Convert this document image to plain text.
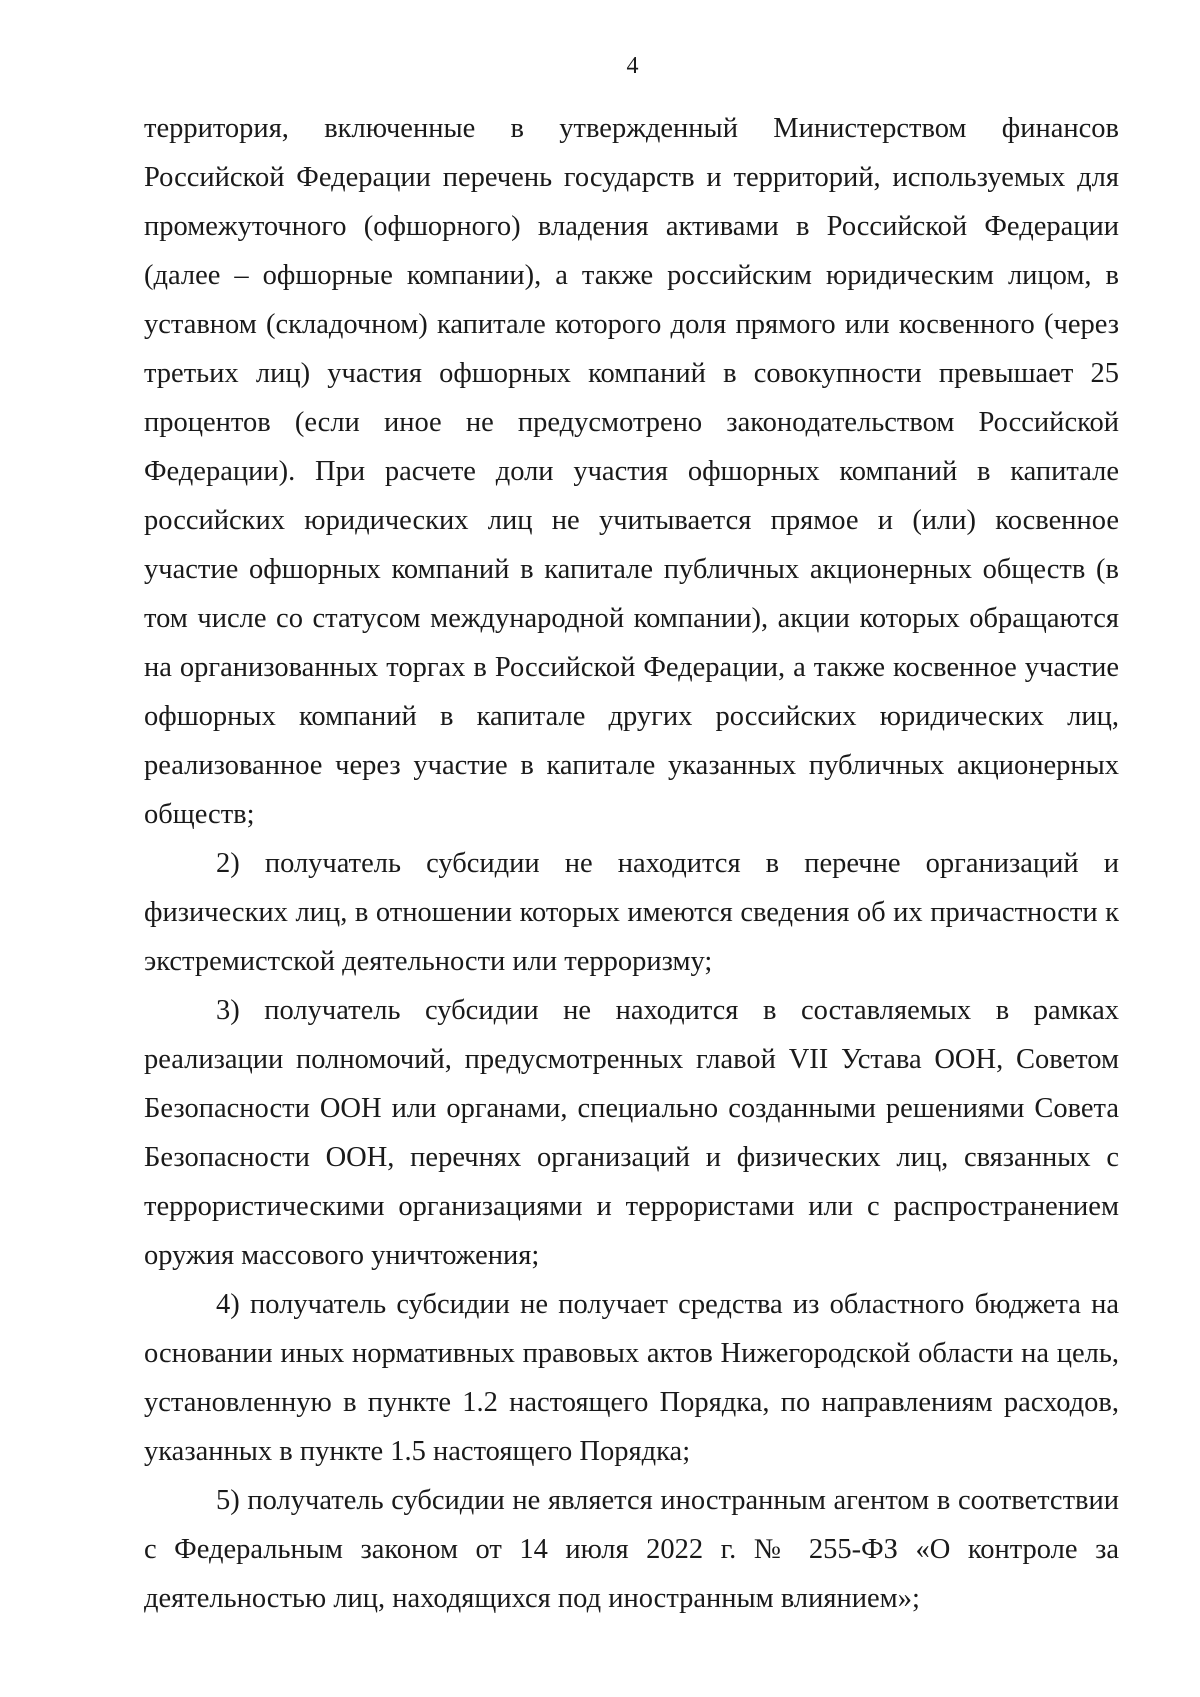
4

территория, включенные в утвержденный Министерством финансов Российской Федерации перечень государств и территорий, используемых для промежуточного (офшорного) владения активами в Российской Федерации (далее – офшорные компании), а также российским юридическим лицом, в уставном (складочном) капитале которого доля прямого или косвенного (через третьих лиц) участия офшорных компаний в совокупности превышает 25 процентов (если иное не предусмотрено законодательством Российской Федерации). При расчете доли участия офшорных компаний в капитале российских юридических лиц не учитывается прямое и (или) косвенное участие офшорных компаний в капитале публичных акционерных обществ (в том числе со статусом международной компании), акции которых обращаются на организованных торгах в Российской Федерации, а также косвенное участие офшорных компаний в капитале других российских юридических лиц, реализованное через участие в капитале указанных публичных акционерных обществ;

2) получатель субсидии не находится в перечне организаций и физических лиц, в отношении которых имеются сведения об их причастности к экстремистской деятельности или терроризму;

3) получатель субсидии не находится в составляемых в рамках реализации полномочий, предусмотренных главой VII Устава ООН, Советом Безопасности ООН или органами, специально созданными решениями Совета Безопасности ООН, перечнях организаций и физических лиц, связанных с террористическими организациями и террористами или с распространением оружия массового уничтожения;

4) получатель субсидии не получает средства из областного бюджета на основании иных нормативных правовых актов Нижегородской области на цель, установленную в пункте 1.2 настоящего Порядка, по направлениям расходов, указанных в пункте 1.5 настоящего Порядка;

5) получатель субсидии не является иностранным агентом в соответствии с Федеральным законом от 14 июля 2022 г. № 255-ФЗ «О контроле за деятельностью лиц, находящихся под иностранным влиянием»;
